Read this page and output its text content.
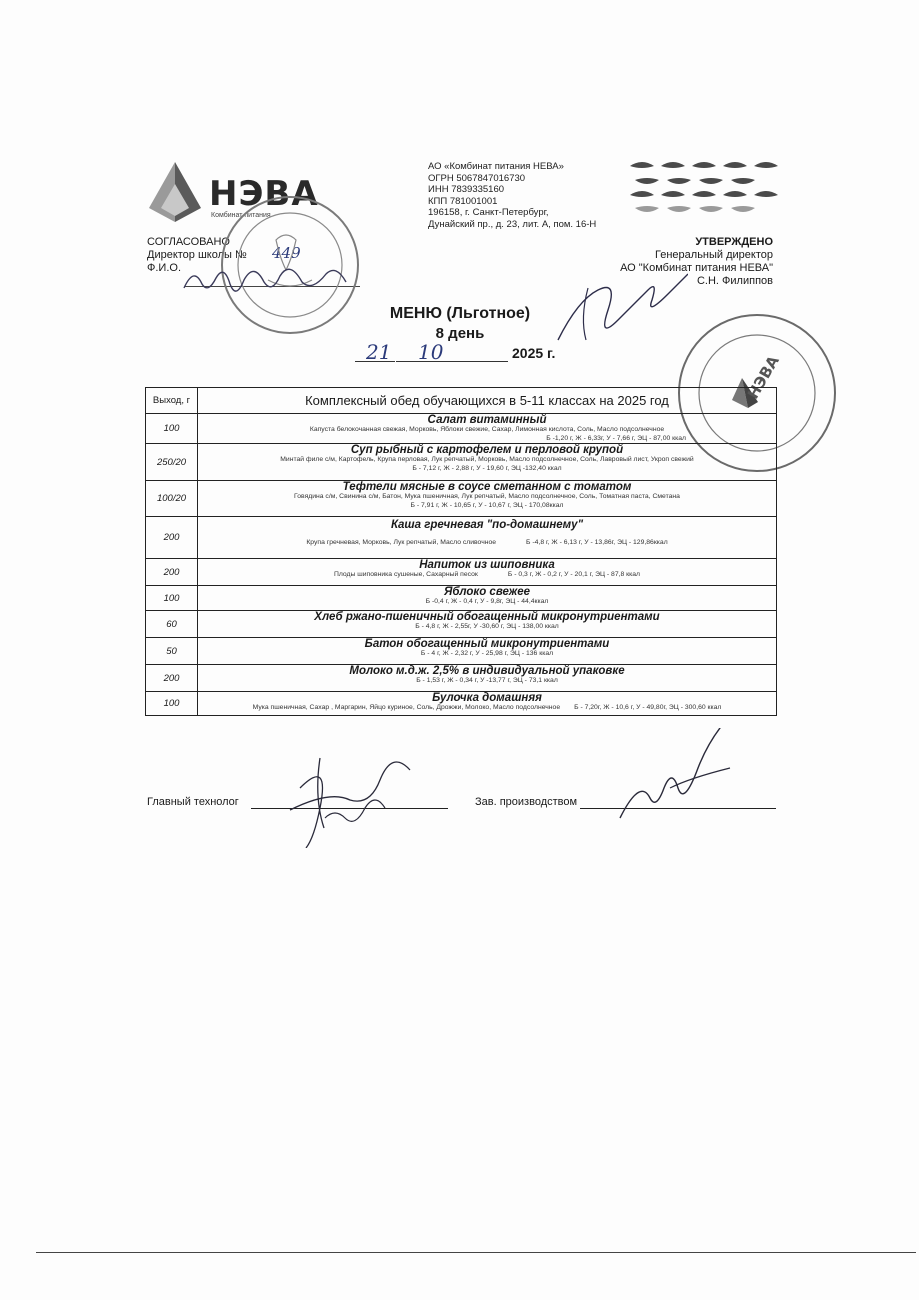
НЭВА
Комбинат питания
АО «Комбинат питания НЕВА»
ОГРН 5067847016730
ИНН 7839335160
КПП 781001001
196158, г. Санкт-Петербург,
Дунайский пр., д. 23, лит. А, пом. 16-Н
СОГЛАСОВАНО
Директор школы №
Ф.И.О.
449
УТВЕРЖДЕНО
Генеральный директор
АО "Комбинат питания НЕВА"
С.Н. Филиппов
НЭВА
МЕНЮ (Льготное)
8 день
21 10	2025 г.
Выход, г	Комплексный обед обучающихся в 5-11 классах на 2025 год
100	Салат витаминный
Капуста белокочанная свежая, Морковь, Яблоки свежие, Сахар, Лимонная кислота, Соль, Масло подсолнечное
Б -1,20 г, Ж - 6,33г, У - 7,66 г, ЭЦ - 87,00 ккал

250/20	Суп рыбный с картофелем и перловой крупой
Минтай филе с/м, Картофель, Крупа перловая, Лук репчатый, Морковь, Масло подсолнечное, Соль, Лавровый лист, Укроп свежий
Б - 7,12 г, Ж - 2,88 г, У - 19,60 г, ЭЦ -132,40 ккал

100/20	Тефтели мясные в соусе сметанном с томатом
Говядина с/м, Свинина с/м, Батон, Мука пшеничная, Лук репчатый, Масло подсолнечное, Соль, Томатная паста, Сметана
Б - 7,91 г, Ж - 10,65 г, У - 10,67 г, ЭЦ - 170,08ккал

200	Каша гречневая "по-домашнему"
Крупа гречневая, Морковь, Лук репчатый, Масло сливочное Б -4,8 г, Ж - 6,13 г, У - 13,86г, ЭЦ - 129,86ккал

200	Напиток из шиповника
Плоды шиповника сушеные, Сахарный песок Б - 0,3 г, Ж - 0,2 г, У - 20,1 г, ЭЦ - 87,8 ккал

100	Яблоко свежее
Б -0,4 г, Ж - 0,4 г, У - 9,8г, ЭЦ - 44,4ккал

60	Хлеб ржано-пшеничный обогащенный микронутриентами
Б - 4,8 г, Ж - 2,55г, У -30,60 г, ЭЦ - 138,00 ккал

50	Батон обогащенный микронутриентами
Б - 4 г, Ж - 2,32 г, У - 25,98 г, ЭЦ - 136 ккал

200	Молоко м.д.ж. 2,5% в индивидуальной упаковке
Б - 1,53 г, Ж - 0,34 г, У -13,77 г, ЭЦ - 73,1 ккал

100	Булочка домашняя
Мука пшеничная, Сахар , Маргарин, Яйцо куриное, Соль, Дрожжи, Молоко, Масло подсолнечное Б - 7,20г, Ж - 10,6 г, У - 49,80г, ЭЦ - 300,60 ккал
Главный технолог	Зав. производством
